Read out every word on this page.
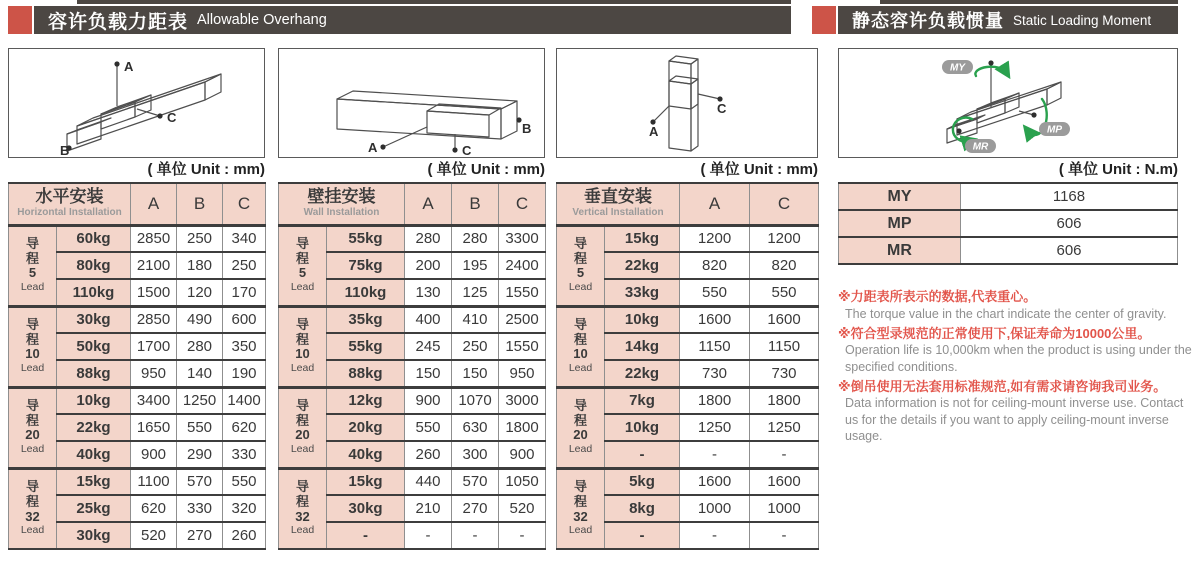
容许负载力距表 Allowable Overhang	静态容许负载惯量 Static Loading Moment
A
C
B	A	C
B	A
C
MY
MP
MR
( 单位 Unit : mm)	( 单位 Unit : mm)	( 单位 Unit : mm)	( 单位 Unit : N.m)
水平安装
Horizontal Installation		A	B	C

导程
5
Lead	60kg	2850	250	340
	80kg	2100	180	250
	110kg	1500	120	170

导程
10
Lead	30kg	2850	490	600
	50kg	1700	280	350
	88kg	950	140	190

导程
20
Lead	10kg	3400	1250	1400
	22kg	1650	550	620
	40kg	900	290	330

导程
32
Lead	15kg	1100	570	550
	25kg	620	330	320
	30kg	520	270	260
壁挂安装
Wall Installation		A	B	C

导程
5
Lead	55kg	280	280	3300
	75kg	200	195	2400
	110kg	130	125	1550

导程
10
Lead	35kg	400	410	2500
	55kg	245	250	1550
	88kg	150	150	950

导程
20
Lead	12kg	900	1070	3000
	20kg	550	630	1800
	40kg	260	300	900

导程
32
Lead	15kg	440	570	1050
	30kg	210	270	520
	-	-	-	-
垂直安装
Vertical Installation		A	C

导程
5
Lead	15kg	1200	1200
	22kg	820	820
	33kg	550	550

导程
10
Lead	10kg	1600	1600
	14kg	1150	1150
	22kg	730	730

导程
20
Lead	7kg	1800	1800
	10kg	1250	1250
	-	-	-

导程
32
Lead	5kg	1600	1600
	8kg	1000	1000
	-	-	-
MY	1168
MP	606
MR	606
※力距表所表示的数据,代表重心。
The torque value in the chart indicate the center of gravity.
※符合型录规范的正常使用下,保证寿命为10000公里。
Operation life is 10,000km when the product is using under the specified conditions.
※倒吊使用无法套用标准规范,如有需求请咨询我司业务。
Data information is not for ceiling-mount inverse use. Contact us for the details if you want to apply ceiling-mount inverse usage.
